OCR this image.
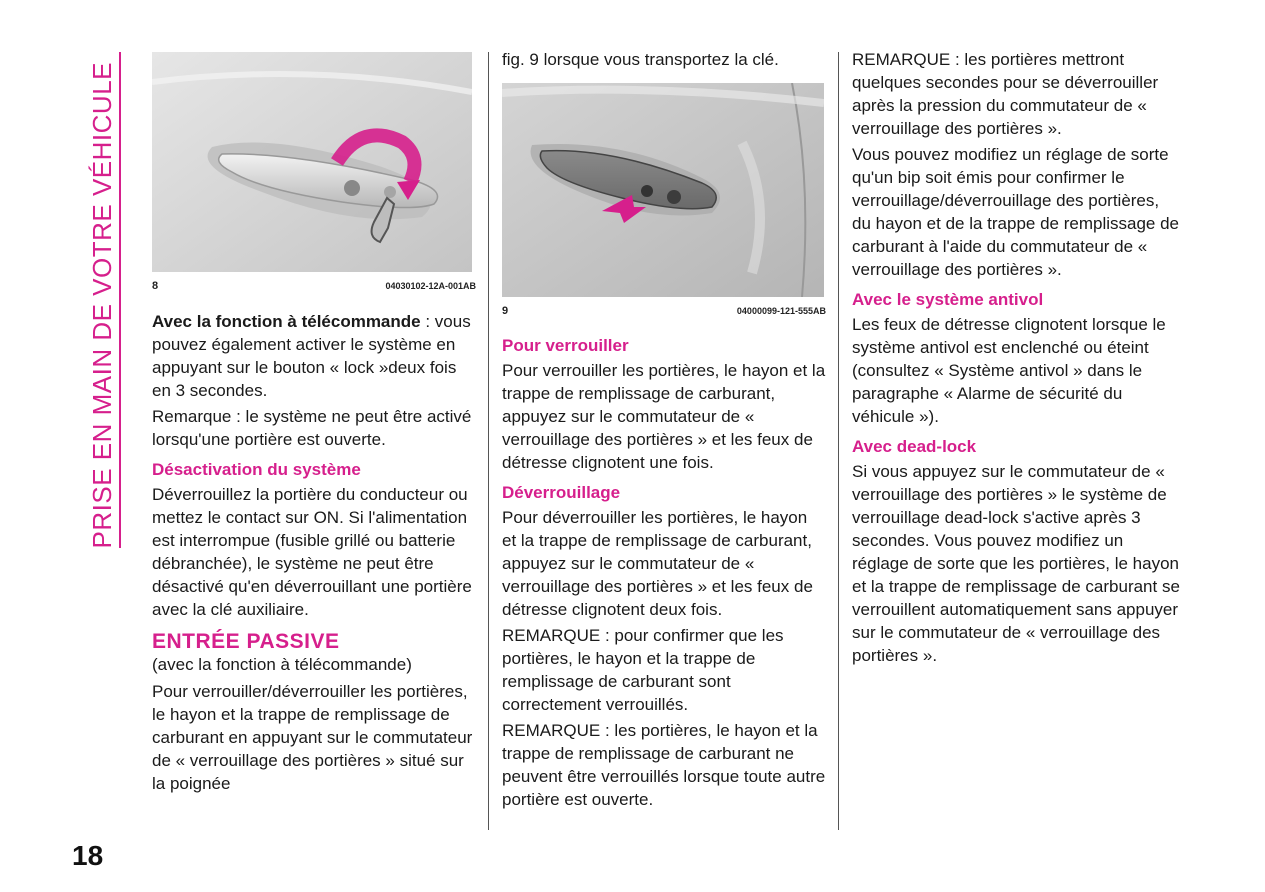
PRISE EN MAIN DE VOTRE VÉHICULE	8	04030102-12A-001AB

Avec la fonction à télécommande : vous pouvez également activer le système en appuyant sur le bouton « lock »deux fois en 3 secondes.

Remarque : le système ne peut être activé lorsqu'une portière est ouverte.

Désactivation du système

Déverrouillez la portière du conducteur ou mettez le contact sur ON. Si l'alimentation est interrompue (fusible grillé ou batterie débranchée), le système ne peut être désactivé qu'en déverrouillant une portière avec la clé auxiliaire.

ENTRÉE PASSIVE

(avec la fonction à télécommande)

Pour verrouiller/déverrouiller les portières, le hayon et la trappe de remplissage de carburant en appuyant sur le commutateur de « verrouillage des portières » situé sur la poignée

fig. 9 lorsque vous transportez la clé.

9	04000099-121-555AB
Pour verrouiller

Pour verrouiller les portières, le hayon et la trappe de remplissage de carburant, appuyez sur le commutateur de « verrouillage des portières » et les feux de détresse clignotent une fois.

Déverrouillage

Pour déverrouiller les portières, le hayon et la trappe de remplissage de carburant, appuyez sur le commutateur de « verrouillage des portières » et les feux de détresse clignotent deux fois.

REMARQUE : pour confirmer que les portières, le hayon et la trappe de remplissage de carburant sont correctement verrouillés.

REMARQUE : les portières, le hayon et la trappe de remplissage de carburant ne peuvent être verrouillés lorsque toute autre portière est ouverte.

REMARQUE : les portières mettront quelques secondes pour se déverrouiller après la pression du commutateur de « verrouillage des portières ».

Vous pouvez modifiez un réglage de sorte qu'un bip soit émis pour confirmer le verrouillage/déverrouillage des portières, du hayon et de la trappe de remplissage de carburant à l'aide du commutateur de « verrouillage des portières ».

Avec le système antivol

Les feux de détresse clignotent lorsque le système antivol est enclenché ou éteint (consultez « Système antivol » dans le paragraphe « Alarme de sécurité du véhicule »).

Avec dead-lock

Si vous appuyez sur le commutateur de « verrouillage des portières » le système de verrouillage dead-lock s'active après 3 secondes. Vous pouvez modifiez un réglage de sorte que les portières, le hayon et la trappe de remplissage de carburant se verrouillent automatiquement sans appuyer sur le commutateur de « verrouillage des portières ».

18
